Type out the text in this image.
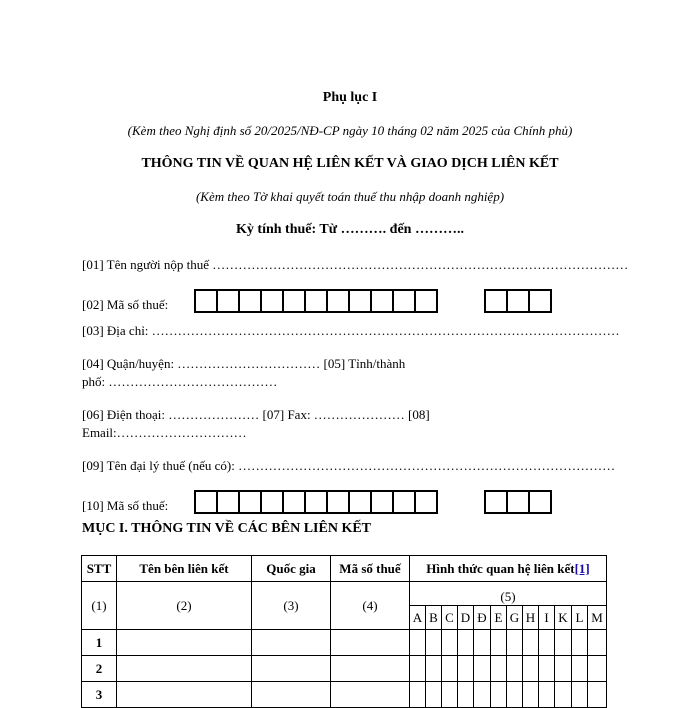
Phụ lục I
(Kèm theo Nghị định số 20/2025/NĐ-CP ngày 10 tháng 02 năm 2025 của Chính phủ)
THÔNG TIN VỀ QUAN HỆ LIÊN KẾT VÀ GIAO DỊCH LIÊN KẾT
(Kèm theo Tờ khai quyết toán thuế thu nhập doanh nghiệp)
Kỳ tính thuế: Từ ………. đến ………..
[01] Tên người nộp thuế ……………………………………………………………………………………
[02] Mã số thuế:
[03] Địa chỉ: ………………………………………………………………………………………………
[04] Quận/huyện: …………………………… [05] Tỉnh/thành
phố: …………………………………
[06] Điện thoại: ………………… [07] Fax: ………………… [08]
Email:…………………………
[09] Tên đại lý thuế (nếu có): ……………………………………………………………………………
[10] Mã số thuế:
MỤC I. THÔNG TIN VỀ CÁC BÊN LIÊN KẾT
STT	Tên bên liên kết	Quốc gia	Mã số thuế	Hình thức quan hệ liên kết[1]											
(1)	(2)	(3)	(4)	(5)											
				A	B	C	D	Đ	E	G	H	I	K	L	M
1															
2															
3															
